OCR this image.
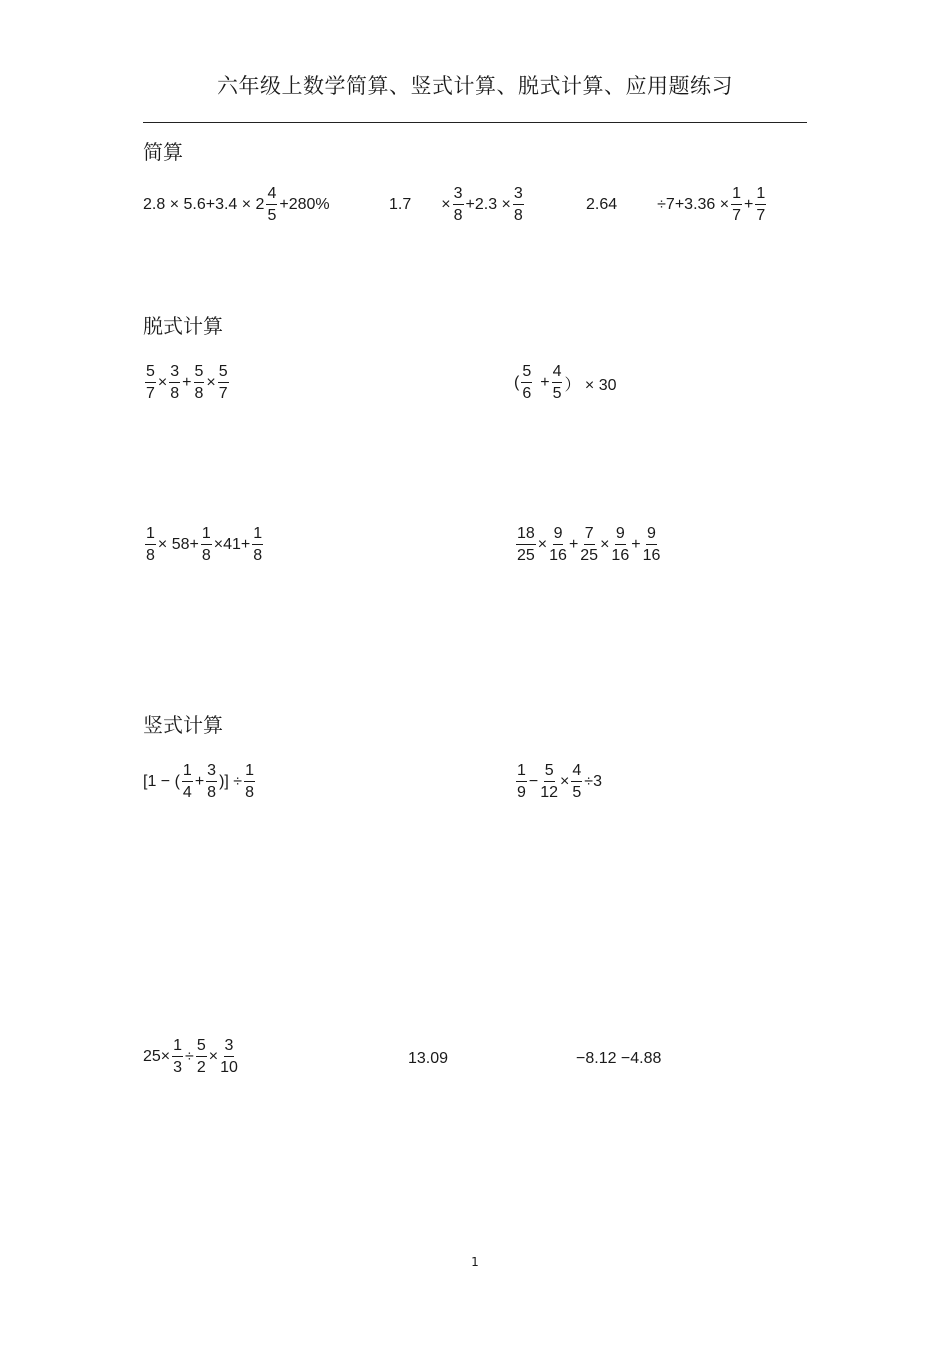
六年级上数学简算、竖式计算、脱式计算、应用题练习
简算
$2.8 \times 5.6+3.4 \times 2 \frac{4}{5} +280\%$	$1.7 \times \frac{3}{8} +2.3 \times \frac{3}{8}$	2.64	$\div 7+3.36 \times \frac{1}{7} + \frac{1}{7}$
脱式计算
$\frac{5}{7} \times \frac{3}{8} + \frac{5}{8} \times \frac{5}{7}$	( $\frac{5}{6} + \frac{4}{5}$ ） × 30
$\frac{1}{8} \times 58+ \frac{1}{8} \times 41+ \frac{1}{8}$	$\frac{18}{25} \times \frac{9}{16} + \frac{7}{25} \times \frac{9}{16} + \frac{9}{16}$
竖式计算
[1 − ( $\frac{1}{4} + \frac{3}{8}$ )] ÷ $\frac{1}{8}$	$\frac{1}{9} - \frac{5}{12} \times \frac{4}{5} \div 3$
$25\times \frac{1}{3} \div \frac{5}{2} \times \frac{3}{10}$	13.09	−8.12 −4.88
1
